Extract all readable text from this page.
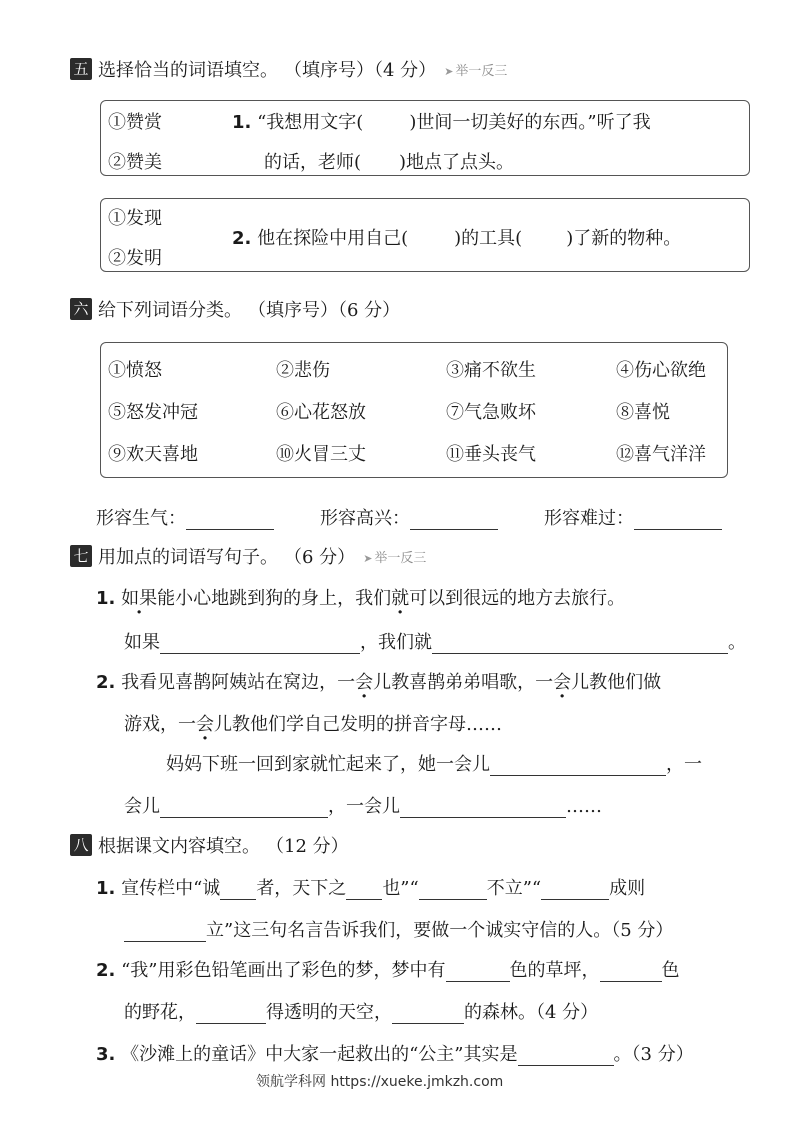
五 选择恰当的词语填空。 （填序号）（4 分）	➤ 举一反三
①赞赏
②赞美
1. “我想用文字(	)世间一切美好的东西。”听了我
的话，老师( )地点了点头。
①发现
②发明
2. 他在探险中用自己(	)的工具( )了新的物种。
六 给下列词语分类。 （填序号）（6 分）
①愤怒	②悲伤	③痛不欲生	④伤心欲绝
⑤怒发冲冠	⑥心花怒放	⑦气急败坏	⑧喜悦
⑨欢天喜地	⑩火冒三丈	⑪垂头丧气	⑫喜气洋洋
形容生气：	形容高兴：	形容难过：
七 用加点的词语写句子。 （6 分）	➤ 举一反三
1. 如果能小心地跳到狗的身上，我们就可以到很远的地方去旅行。
如果	，我们就	。
2. 我看见喜鹊阿姨站在窝边，一会儿教喜鹊弟弟唱歌，一会儿教他们做
游戏，一会儿教他们学自己发明的拼音字母……
妈妈下班一回到家就忙起来了，她一会儿	，一
会儿	，一会儿	……
八 根据课文内容填空。 （12 分）
1. 宣传栏中“诚 者，天下之 也”“	不立”“	成则
立”这三句名言告诉我们，要做一个诚实守信的人。（5 分）
2. “我”用彩色铅笔画出了彩色的梦，梦中有	色的草坪，	色
的野花，	得透明的天空，	的森林。（4 分）
3. 《沙滩上的童话》中大家一起救出的“公主”其实是	。（3 分）
领航学科网 https://xueke.jmkzh.com
